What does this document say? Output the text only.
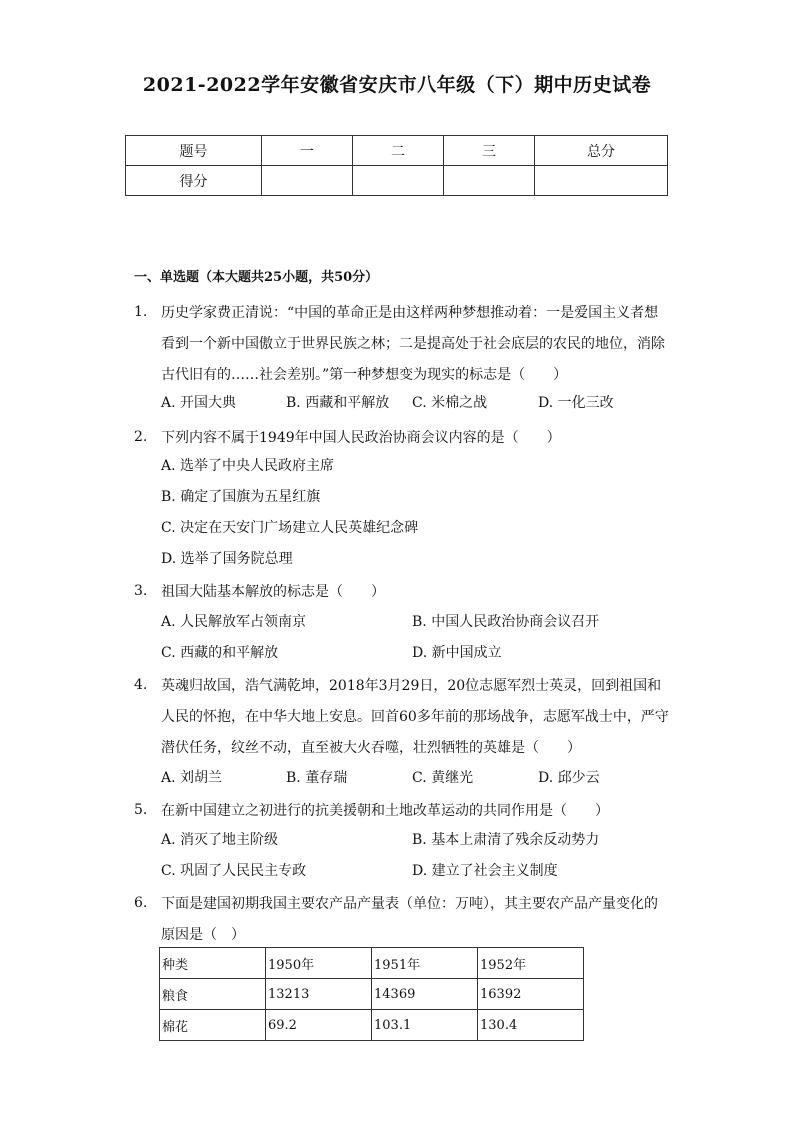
2021-2022学年安徽省安庆市八年级（下）期中历史试卷
题号	一	二	三	总分
得分				
一、单选题（本大题共25小题，共50分）
1. 历史学家费正清说：“中国的革命正是由这样两种梦想推动着：一是爱国主义者想看到一个新中国傲立于世界民族之林；二是提高处于社会底层的农民的地位，消除古代旧有的……社会差别。”第一种梦想变为现实的标志是（　　）
A. 开国大典	B. 西藏和平解放 C. 米棉之战	D. 一化三改
2. 下列内容不属于1949年中国人民政治协商会议内容的是（　　）
A. 选举了中央人民政府主席
B. 确定了国旗为五星红旗
C. 决定在天安门广场建立人民英雄纪念碑
D. 选举了国务院总理
3. 祖国大陆基本解放的标志是（　　）
A. 人民解放军占领南京	B. 中国人民政治协商会议召开
C. 西藏的和平解放	D. 新中国成立
4. 英魂归故国，浩气满乾坤，2018年3月29日，20位志愿军烈士英灵，回到祖国和人民的怀抱，在中华大地上安息。回首60多年前的那场战争，志愿军战士中，严守潜伏任务，纹丝不动，直至被大火吞噬，壮烈牺牲的英雄是（　　）
A. 刘胡兰	B. 董存瑞	C. 黄继光	D. 邱少云
5. 在新中国建立之初进行的抗美援朝和土地改革运动的共同作用是（　　）
A. 消灭了地主阶级	B. 基本上肃清了残余反动势力
C. 巩固了人民民主专政	D. 建立了社会主义制度
6. 下面是建国初期我国主要农产品产量表（单位：万吨），其主要农产品产量变化的原因是（　）
种类	1950年	1951年	1952年
粮食	13213	14369	16392
棉花	69.2	103.1	130.4
